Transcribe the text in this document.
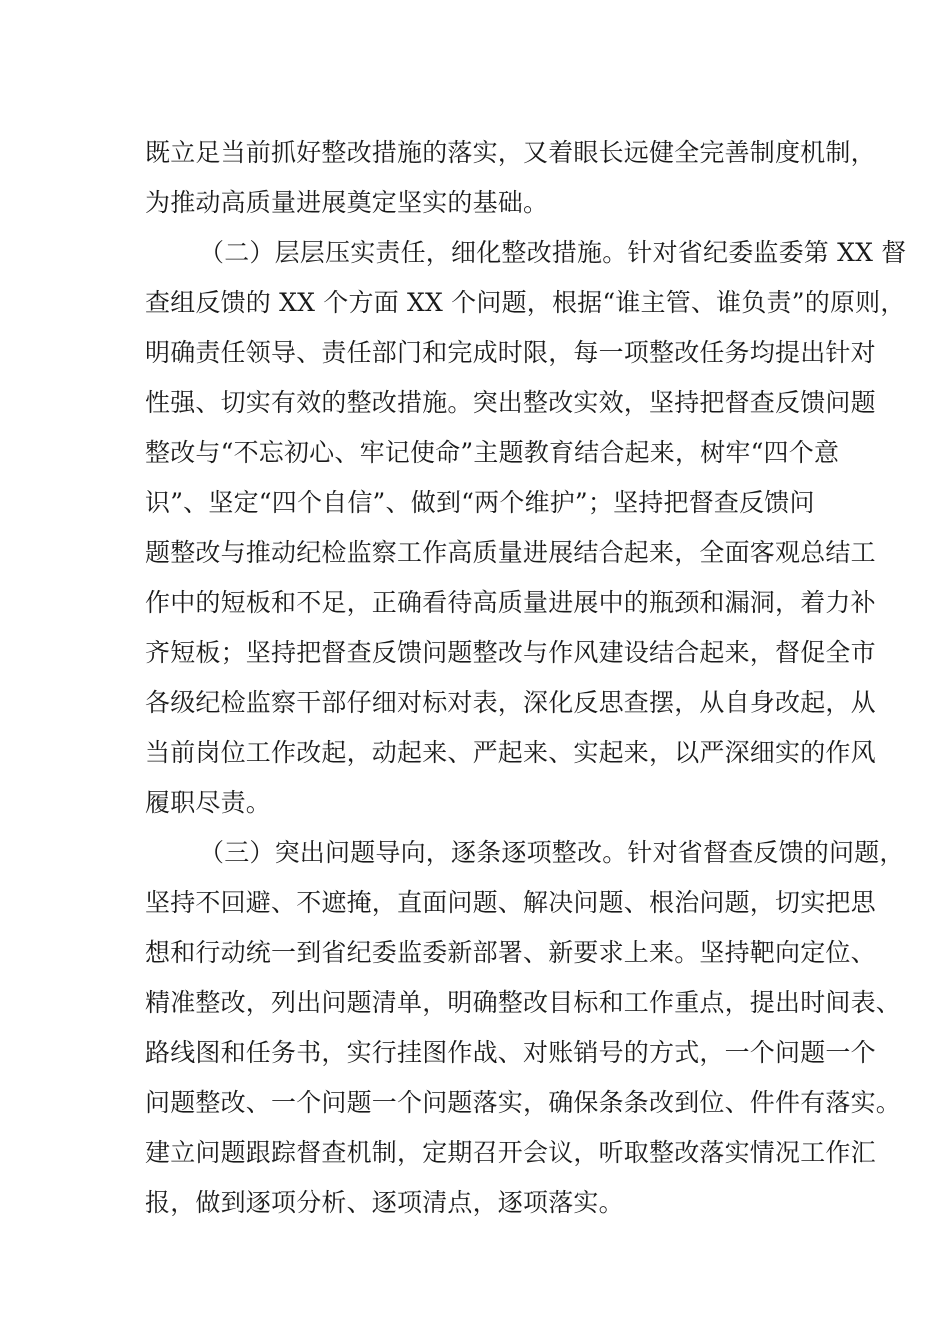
既立足当前抓好整改措施的落实，又着眼长远健全完善制度机制，
为推动高质量进展奠定坚实的基础。
（二）层层压实责任，细化整改措施。针对省纪委监委第 XX 督
查组反馈的 XX 个方面 XX 个问题，根据“谁主管、谁负责”的原则，
明确责任领导、责任部门和完成时限，每一项整改任务均提出针对
性强、切实有效的整改措施。突出整改实效，坚持把督查反馈问题
整改与“不忘初心、牢记使命”主题教育结合起来，树牢“四个意
识”、坚定“四个自信”、做到“两个维护”；坚持把督查反馈问
题整改与推动纪检监察工作高质量进展结合起来，全面客观总结工
作中的短板和不足，正确看待高质量进展中的瓶颈和漏洞，着力补
齐短板；坚持把督查反馈问题整改与作风建设结合起来，督促全市
各级纪检监察干部仔细对标对表，深化反思查摆，从自身改起，从
当前岗位工作改起，动起来、严起来、实起来，以严深细实的作风
履职尽责。
（三）突出问题导向，逐条逐项整改。针对省督查反馈的问题，
坚持不回避、不遮掩，直面问题、解决问题、根治问题，切实把思
想和行动统一到省纪委监委新部署、新要求上来。坚持靶向定位、
精准整改，列出问题清单，明确整改目标和工作重点，提出时间表、
路线图和任务书，实行挂图作战、对账销号的方式，一个问题一个
问题整改、一个问题一个问题落实，确保条条改到位、件件有落实。
建立问题跟踪督查机制，定期召开会议，听取整改落实情况工作汇
报，做到逐项分析、逐项清点，逐项落实。
